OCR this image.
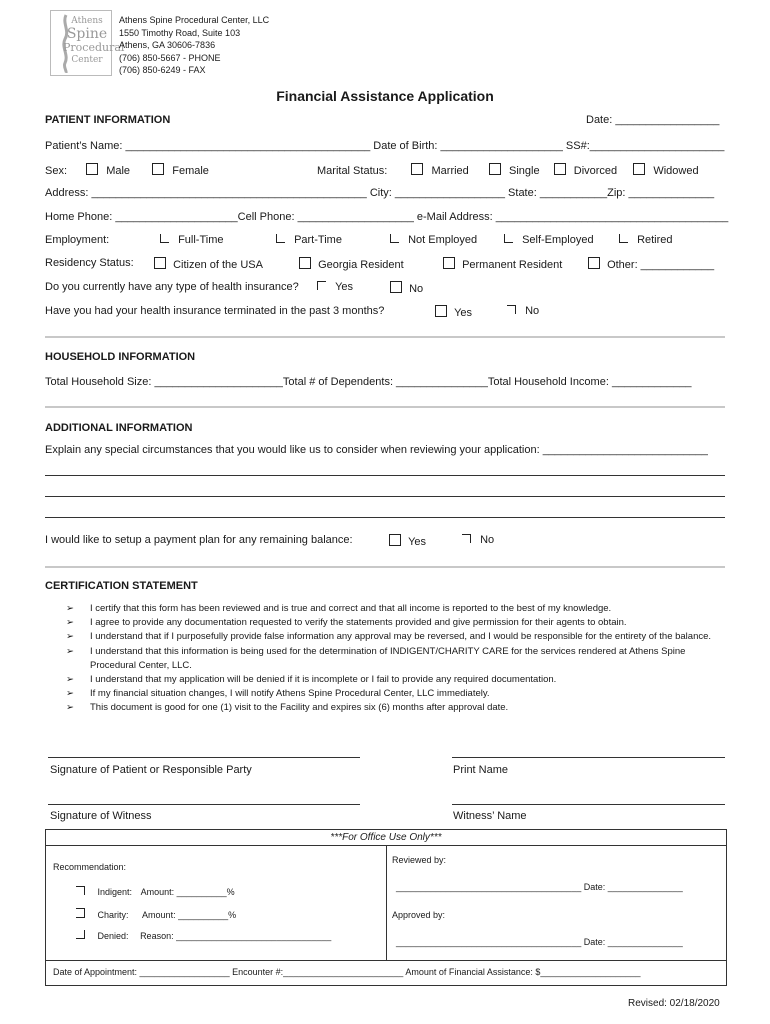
Athens
Spine
Procedural
Center
Athens Spine Procedural Center, LLC
1550 Timothy Road, Suite 103
Athens, GA 30606-7836
(706) 850-5667 - PHONE
(706) 850-6249 - FAX
Financial Assistance Application
PATIENT INFORMATION	Date: _________________
Patient’s Name: ________________________________________ Date of Birth: ____________________ SS#:______________________
Sex:	Male	Female	Marital Status:	Married	Single	Divorced	Widowed
Address: _____________________________________________ City: __________________ State: ___________Zip: ______________
Home Phone: ____________________Cell Phone: ___________________ e-Mail Address: ______________________________________
Employment:	Full-Time	Part-Time	Not Employed	Self-Employed	Retired
Residency Status:	Citizen of the USA	Georgia Resident	Permanent Resident	Other: ____________
Do you currently have any type of health insurance?	Yes	No
Have you had your health insurance terminated in the past 3 months?	Yes	No
HOUSEHOLD INFORMATION
Total Household Size: _____________________Total # of Dependents: _______________Total Household Income: _____________
ADDITIONAL INFORMATION
Explain any special circumstances that you would like us to consider when reviewing your application: ___________________________
I would like to setup a payment plan for any remaining balance:	Yes	No
CERTIFICATION STATEMENT
➢ I certify that this form has been reviewed and is true and correct and that all income is reported to the best of my knowledge.
➢ I agree to provide any documentation requested to verify the statements provided and give permission for their agents to obtain.
➢ I understand that if I purposefully provide false information any approval may be reversed, and I would be responsible for the entirety of the balance.
➢ I understand that this information is being used for the determination of INDIGENT/CHARITY CARE for the services rendered at Athens Spine Procedural Center, LLC.
➢ I understand that my application will be denied if it is incomplete or I fail to provide any required documentation.
➢ If my financial situation changes, I will notify Athens Spine Procedural Center, LLC immediately.
➢ This document is good for one (1) visit to the Facility and expires six (6) months after approval date.
Signature of Patient or Responsible Party	Print Name
Signature of Witness	Witness’ Name
***For Office Use Only***
Recommendation:
Indigent: Amount: __________%
Charity: Amount: __________%
Denied: Reason: _______________________________
Reviewed by:
_____________________________________ Date: _______________
Approved by:
_____________________________________ Date: _______________
Date of Appointment: __________________ Encounter #:________________________ Amount of Financial Assistance: $____________________
Revised: 02/18/2020
